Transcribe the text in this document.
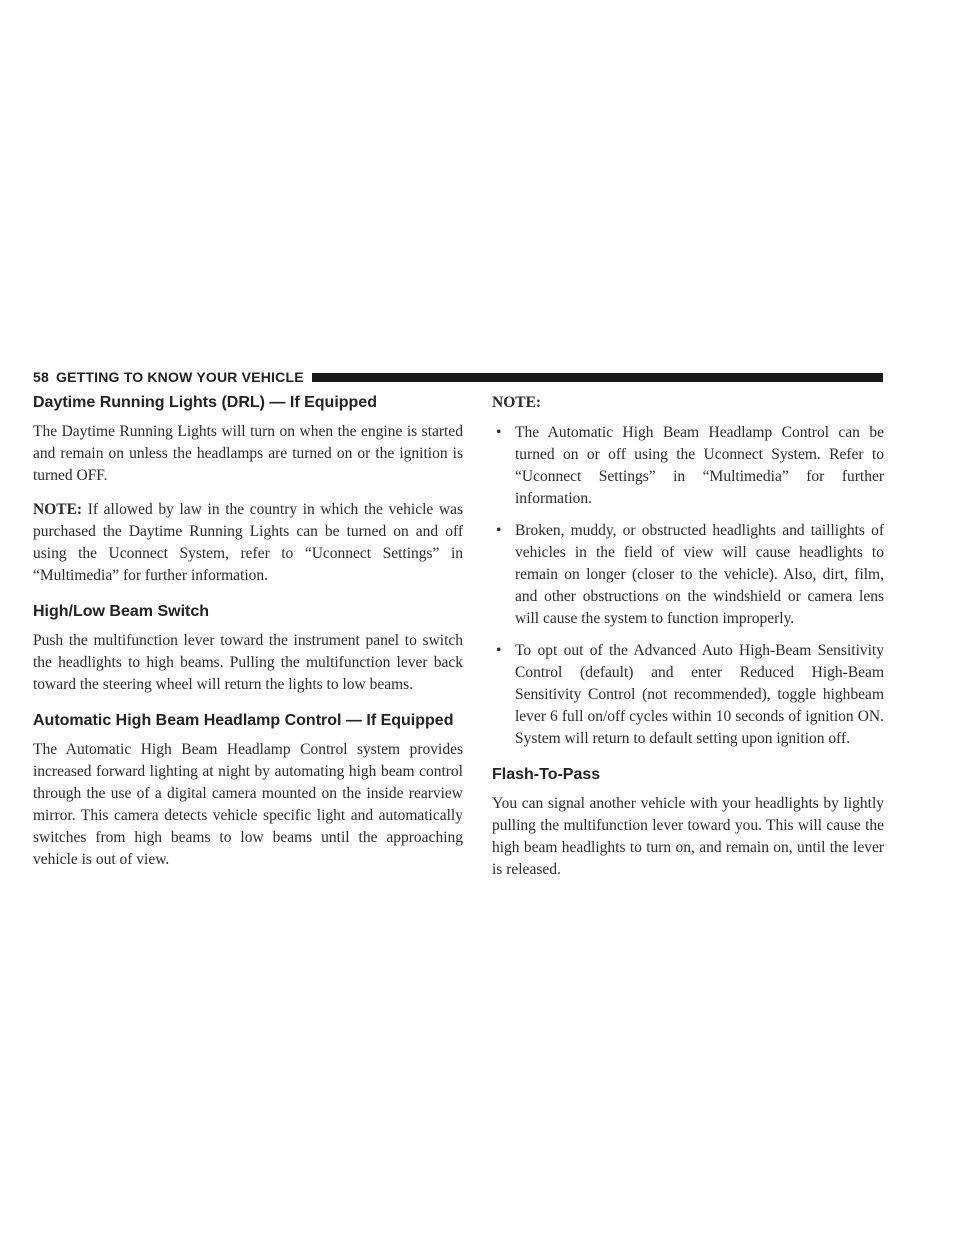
58 GETTING TO KNOW YOUR VEHICLE
Daytime Running Lights (DRL) — If Equipped

The Daytime Running Lights will turn on when the engine is started and remain on unless the headlamps are turned on or the ignition is turned OFF.

NOTE: If allowed by law in the country in which the vehicle was purchased the Daytime Running Lights can be turned on and off using the Uconnect System, refer to “Uconnect Settings” in “Multimedia” for further information.

High/Low Beam Switch

Push the multifunction lever toward the instrument panel to switch the headlights to high beams. Pulling the multifunction lever back toward the steering wheel will return the lights to low beams.

Automatic High Beam Headlamp Control — If Equipped

The Automatic High Beam Headlamp Control system provides increased forward lighting at night by automating high beam control through the use of a digital camera mounted on the inside rearview mirror. This camera detects vehicle specific light and automatically switches from high beams to low beams until the approaching vehicle is out of view.

NOTE:
• The Automatic High Beam Headlamp Control can be turned on or off using the Uconnect System. Refer to “Uconnect Settings” in “Multimedia” for further information.
• Broken, muddy, or obstructed headlights and taillights of vehicles in the field of view will cause headlights to remain on longer (closer to the vehicle). Also, dirt, film, and other obstructions on the windshield or camera lens will cause the system to function improperly.
• To opt out of the Advanced Auto High-Beam Sensitivity Control (default) and enter Reduced High-Beam Sensitivity Control (not recommended), toggle highbeam lever 6 full on/off cycles within 10 seconds of ignition ON. System will return to default setting upon ignition off.
Flash-To-Pass

You can signal another vehicle with your headlights by lightly pulling the multifunction lever toward you. This will cause the high beam headlights to turn on, and remain on, until the lever is released.
